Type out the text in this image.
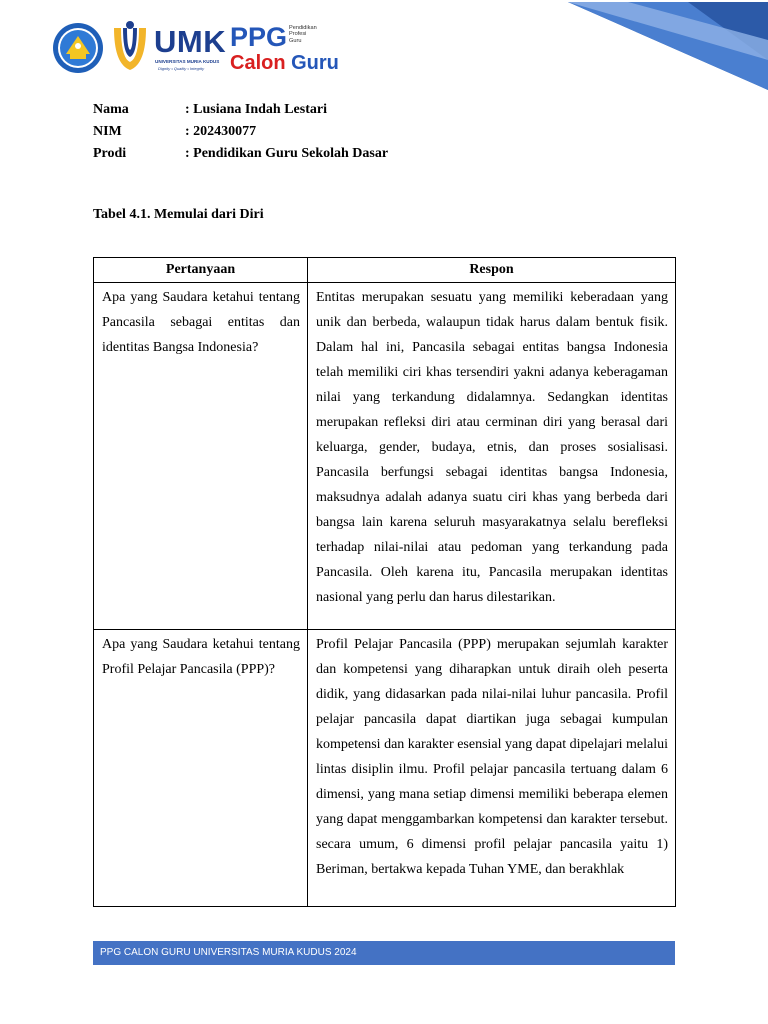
UMK
UNIVERSITAS MURIA KUDUS
Dignity • Quality • Integrity
PPG Pendidikan
Profesi
Guru
Calon Guru
Nama	: Lusiana Indah Lestari
NIM	: 202430077
Prodi	: Pendidikan Guru Sekolah Dasar
Tabel 4.1. Memulai dari Diri
Pertanyaan	Respon
Apa yang Saudara ketahui tentang Pancasila sebagai entitas dan identitas Bangsa Indonesia?	Entitas merupakan sesuatu yang memiliki keberadaan yang unik dan berbeda, walaupun tidak harus dalam bentuk fisik. Dalam hal ini, Pancasila sebagai entitas bangsa Indonesia telah memiliki ciri khas tersendiri yakni adanya keberagaman nilai yang terkandung didalamnya. Sedangkan identitas merupakan refleksi diri atau cerminan diri yang berasal dari keluarga, gender, budaya, etnis, dan proses sosialisasi. Pancasila berfungsi sebagai identitas bangsa Indonesia, maksudnya adalah adanya suatu ciri khas yang berbeda dari bangsa lain karena seluruh masyarakatnya selalu berefleksi terhadap nilai-nilai atau pedoman yang terkandung pada Pancasila. Oleh karena itu, Pancasila merupakan identitas nasional yang perlu dan harus dilestarikan.
Apa yang Saudara ketahui tentang Profil Pelajar Pancasila (PPP)?	Profil Pelajar Pancasila (PPP) merupakan sejumlah karakter dan kompetensi yang diharapkan untuk diraih oleh peserta didik, yang didasarkan pada nilai-nilai luhur pancasila. Profil pelajar pancasila dapat diartikan juga sebagai kumpulan kompetensi dan karakter esensial yang dapat dipelajari melalui lintas disiplin ilmu. Profil pelajar pancasila tertuang dalam 6 dimensi, yang mana setiap dimensi memiliki beberapa elemen yang dapat menggambarkan kompetensi dan karakter tersebut. secara umum, 6 dimensi profil pelajar pancasila yaitu 1) Beriman, bertakwa kepada Tuhan YME, dan berakhlak
PPG CALON GURU UNIVERSITAS MURIA KUDUS 2024
